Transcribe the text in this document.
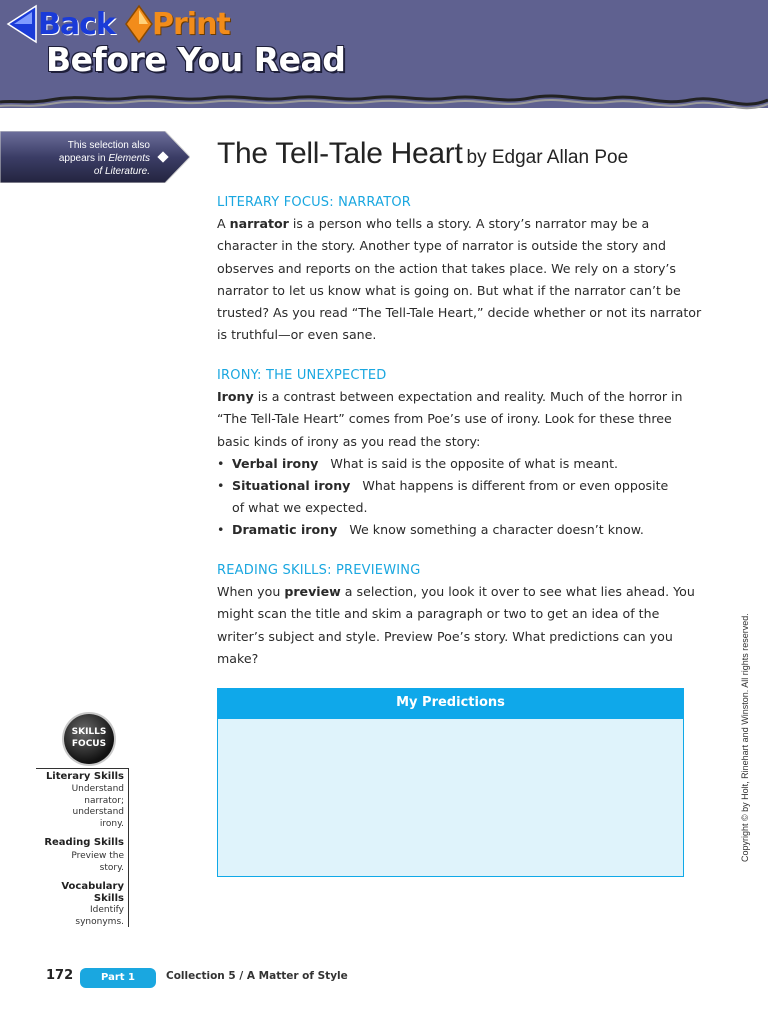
Back Print
Before You Read
This selection also
appears in Elements
of Literature.
The Tell-Tale Heart by Edgar Allan Poe
LITERARY FOCUS: NARRATOR
A narrator is a person who tells a story. A story’s narrator may be a character in the story. Another type of narrator is outside the story and observes and reports on the action that takes place. We rely on a story’s narrator to let us know what is going on. But what if the narrator can’t be trusted? As you read “The Tell-Tale Heart,” decide whether or not its narrator is truthful—or even sane.
IRONY: THE UNEXPECTED
Irony is a contrast between expectation and reality. Much of the horror in “The Tell-Tale Heart” comes from Poe’s use of irony. Look for these three basic kinds of irony as you read the story:
• Verbal irony What is said is the opposite of what is meant.
• Situational irony What happens is different from or even opposite
of what we expected.
• Dramatic irony We know something a character doesn’t know.
READING SKILLS: PREVIEWING
When you preview a selection, you look it over to see what lies ahead. You might scan the title and skim a paragraph or two to get an idea of the writer’s subject and style. Preview Poe’s story. What predictions can you make?
My Predictions
SKILLS
FOCUS
Literary Skills
Understand
narrator;
understand
irony.
Reading Skills
Preview the
story.
Vocabulary
Skills
Identify
synonyms.
Copyright © by Holt, Rinehart and Winston. All rights reserved.
172	Part 1	Collection 5 / A Matter of Style
